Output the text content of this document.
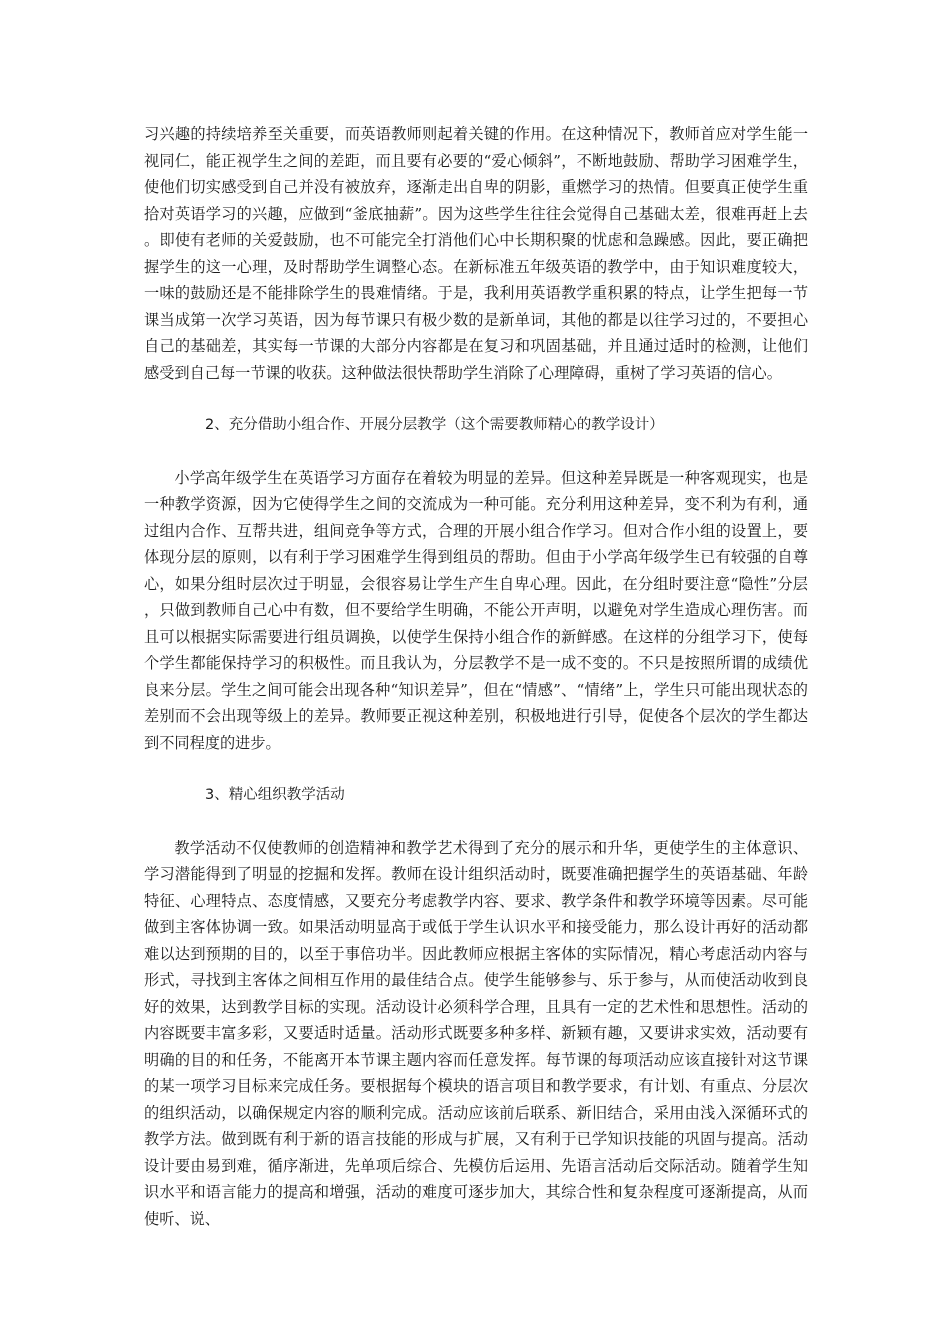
习兴趣的持续培养至关重要，而英语教师则起着关键的作用。在这种情况下，教师首应对学生能一视同仁，能正视学生之间的差距，而且要有必要的“爱心倾斜”，不断地鼓励、帮助学习困难学生，使他们切实感受到自己并没有被放弃，逐渐走出自卑的阴影，重燃学习的热情。但要真正使学生重拾对英语学习的兴趣，应做到“釜底抽薪”。因为这些学生往往会觉得自己基础太差，很难再赶上去。即使有老师的关爱鼓励，也不可能完全打消他们心中长期积聚的忧虑和急躁感。因此，要正确把握学生的这一心理，及时帮助学生调整心态。在新标准五年级英语的教学中，由于知识难度较大，一味的鼓励还是不能排除学生的畏难情绪。于是，我利用英语教学重积累的特点，让学生把每一节课当成第一次学习英语，因为每节课只有极少数的是新单词，其他的都是以往学习过的，不要担心自己的基础差，其实每一节课的大部分内容都是在复习和巩固基础，并且通过适时的检测，让他们感受到自己每一节课的收获。这种做法很快帮助学生消除了心理障碍，重树了学习英语的信心。

2、充分借助小组合作、开展分层教学（这个需要教师精心的教学设计）

小学高年级学生在英语学习方面存在着较为明显的差异。但这种差异既是一种客观现实，也是一种教学资源，因为它使得学生之间的交流成为一种可能。充分利用这种差异，变不利为有利，通过组内合作、互帮共进，组间竞争等方式，合理的开展小组合作学习。但对合作小组的设置上，要体现分层的原则，以有利于学习困难学生得到组员的帮助。但由于小学高年级学生已有较强的自尊心，如果分组时层次过于明显，会很容易让学生产生自卑心理。因此，在分组时要注意“隐性”分层，只做到教师自己心中有数，但不要给学生明确，不能公开声明，以避免对学生造成心理伤害。而且可以根据实际需要进行组员调换，以使学生保持小组合作的新鲜感。在这样的分组学习下，使每个学生都能保持学习的积极性。而且我认为，分层教学不是一成不变的。不只是按照所谓的成绩优良来分层。学生之间可能会出现各种“知识差异”，但在“情感”、“情绪”上，学生只可能出现状态的差别而不会出现等级上的差异。教师要正视这种差别，积极地进行引导，促使各个层次的学生都达到不同程度的进步。

3、精心组织教学活动

教学活动不仅使教师的创造精神和教学艺术得到了充分的展示和升华，更使学生的主体意识、学习潜能得到了明显的挖掘和发挥。教师在设计组织活动时，既要准确把握学生的英语基础、年龄特征、心理特点、态度情感，又要充分考虑教学内容、要求、教学条件和教学环境等因素。尽可能做到主客体协调一致。如果活动明显高于或低于学生认识水平和接受能力，那么设计再好的活动都难以达到预期的目的，以至于事倍功半。因此教师应根据主客体的实际情况，精心考虑活动内容与形式，寻找到主客体之间相互作用的最佳结合点。使学生能够参与、乐于参与，从而使活动收到良好的效果，达到教学目标的实现。活动设计必须科学合理，且具有一定的艺术性和思想性。活动的内容既要丰富多彩，又要适时适量。活动形式既要多种多样、新颖有趣，又要讲求实效，活动要有明确的目的和任务，不能离开本节课主题内容而任意发挥。每节课的每项活动应该直接针对这节课的某一项学习目标来完成任务。要根据每个模块的语言项目和教学要求，有计划、有重点、分层次的组织活动，以确保规定内容的顺利完成。活动应该前后联系、新旧结合，采用由浅入深循环式的教学方法。做到既有利于新的语言技能的形成与扩展，又有利于已学知识技能的巩固与提高。活动设计要由易到难，循序渐进，先单项后综合、先模仿后运用、先语言活动后交际活动。随着学生知识水平和语言能力的提高和增强，活动的难度可逐步加大，其综合性和复杂程度可逐渐提高，从而使听、说、
